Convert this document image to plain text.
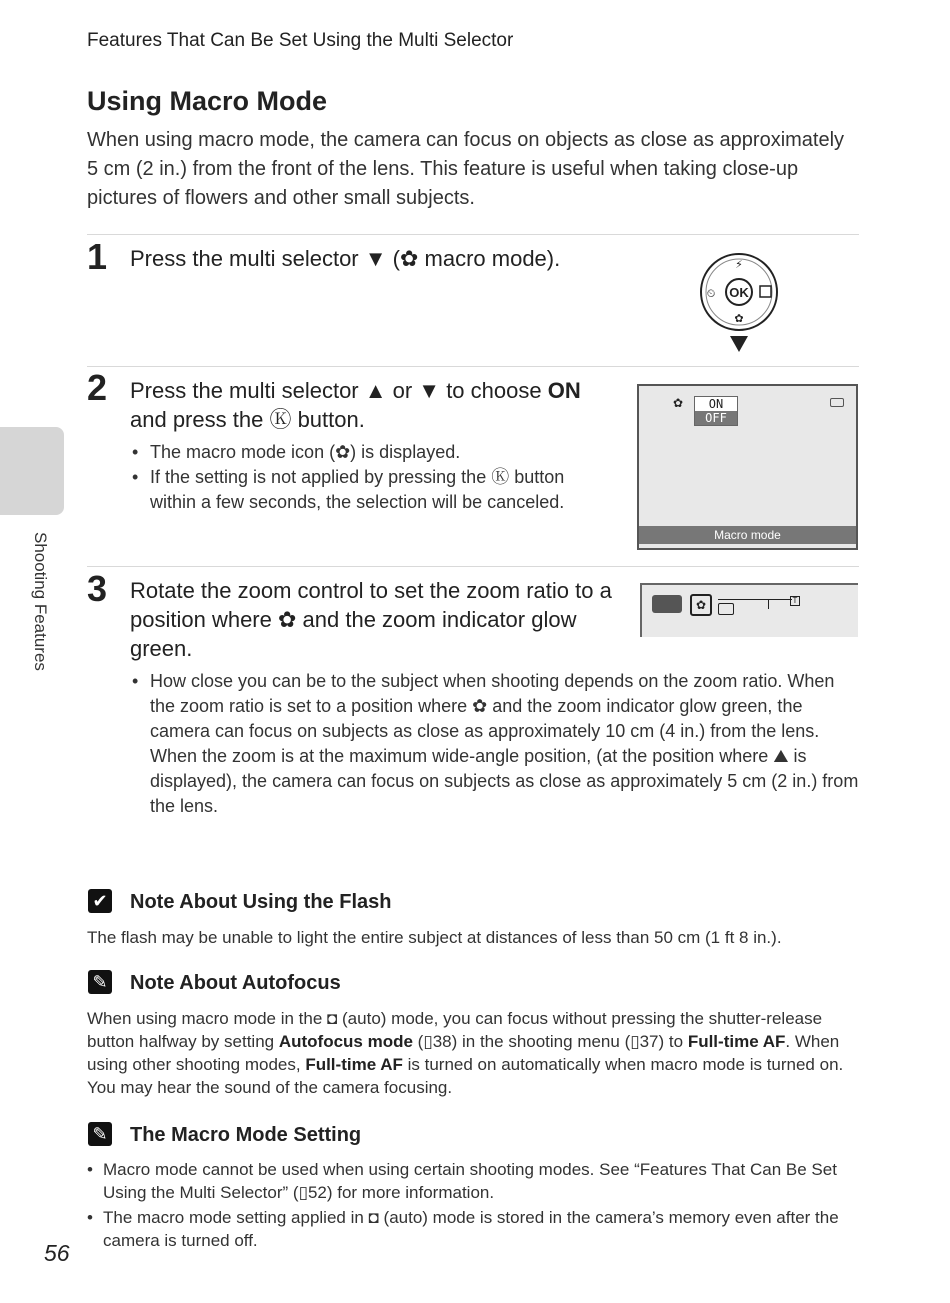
Features That Can Be Set Using the Multi Selector
Using Macro Mode
When using macro mode, the camera can focus on objects as close as approximately 5 cm (2 in.) from the front of the lens. This feature is useful when taking close-up pictures of flowers and other small subjects.
1 Press the multi selector ▼ (✿ macro mode).
OK
⚡
⏲
✿
2 Press the multi selector ▲ or ▼ to choose ON and press the Ⓚ button.
• The macro mode icon (✿) is displayed.
• If the setting is not applied by pressing the Ⓚ button within a few seconds, the selection will be canceled.
✿	ON
OFF
Macro mode
3 Rotate the zoom control to set the zoom ratio to a position where ✿ and the zoom indicator glow green.
✿	T
• How close you can be to the subject when shooting depends on the zoom ratio. When the zoom ratio is set to a position where ✿ and the zoom indicator glow green, the camera can focus on subjects as close as approximately 10 cm (4 in.) from the lens. When the zoom is at the maximum wide-angle position, (at the position where ⛰ is displayed), the camera can focus on subjects as close as approximately 5 cm (2 in.) from the lens.
✔ Note About Using the Flash
The flash may be unable to light the entire subject at distances of less than 50 cm (1 ft 8 in.).
✎ Note About Autofocus
When using macro mode in the ◘ (auto) mode, you can focus without pressing the shutter-release button halfway by setting Autofocus mode (▯38) in the shooting menu (▯37) to Full-time AF. When using other shooting modes, Full-time AF is turned on automatically when macro mode is turned on. You may hear the sound of the camera focusing.
✎ The Macro Mode Setting
• Macro mode cannot be used when using certain shooting modes. See “Features That Can Be Set Using the Multi Selector” (▯52) for more information.
• The macro mode setting applied in ◘ (auto) mode is stored in the camera’s memory even after the camera is turned off.
Shooting Features
56
